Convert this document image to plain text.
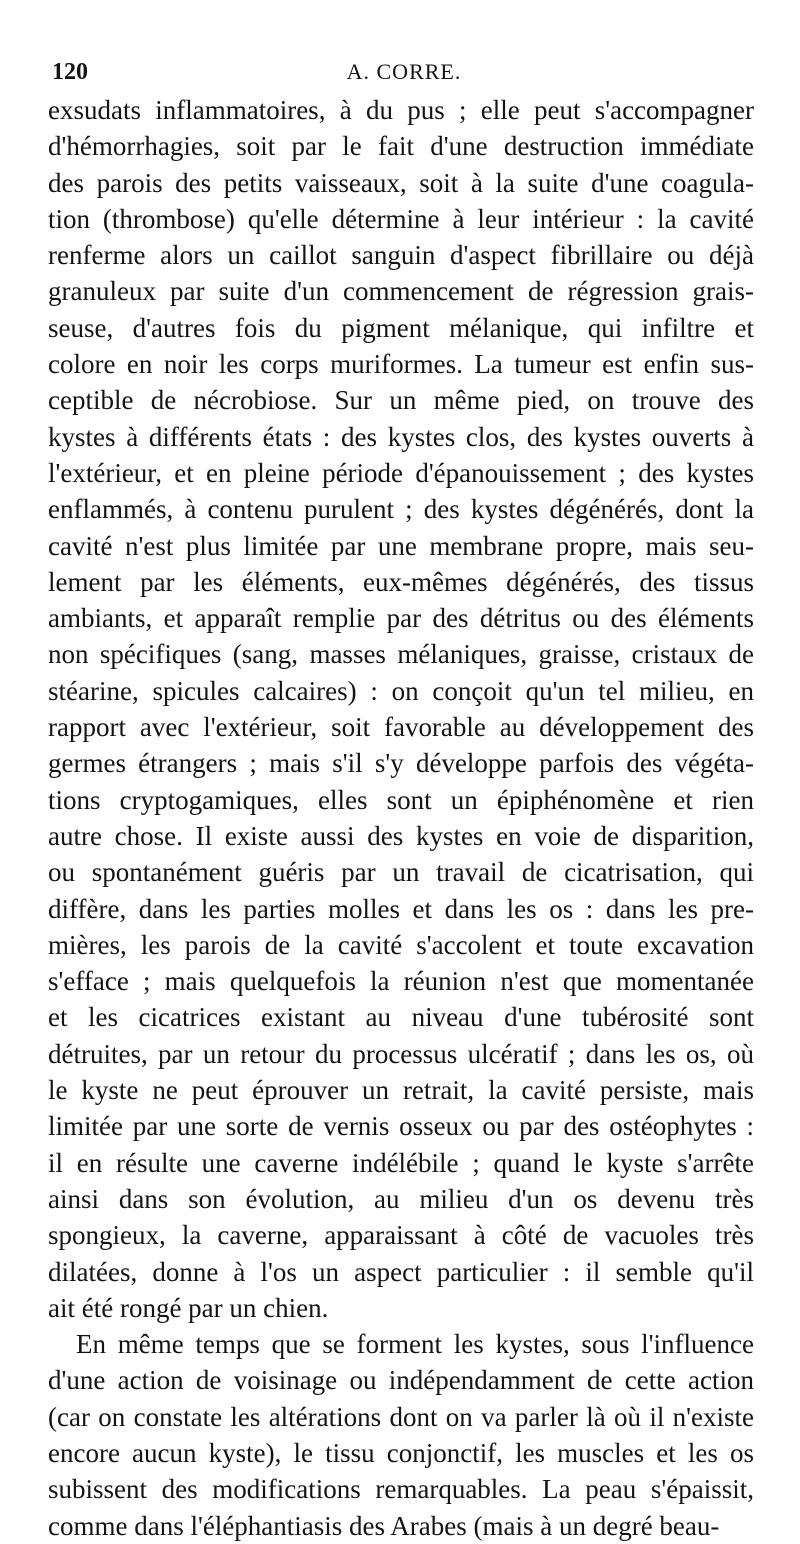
120	A. CORRE.
exsudats inflammatoires, à du pus ; elle peut s'accompagner
d'hémorrhagies, soit par le fait d'une destruction immédiate
des parois des petits vaisseaux, soit à la suite d'une coagula-
tion (thrombose) qu'elle détermine à leur intérieur : la cavité
renferme alors un caillot sanguin d'aspect fibrillaire ou déjà
granuleux par suite d'un commencement de régression grais-
seuse, d'autres fois du pigment mélanique, qui infiltre et
colore en noir les corps muriformes. La tumeur est enfin sus-
ceptible de nécrobiose. Sur un même pied, on trouve des
kystes à différents états : des kystes clos, des kystes ouverts à
l'extérieur, et en pleine période d'épanouissement ; des kystes
enflammés, à contenu purulent ; des kystes dégénérés, dont la
cavité n'est plus limitée par une membrane propre, mais seu-
lement par les éléments, eux-mêmes dégénérés, des tissus
ambiants, et apparaît remplie par des détritus ou des éléments
non spécifiques (sang, masses mélaniques, graisse, cristaux de
stéarine, spicules calcaires) : on conçoit qu'un tel milieu, en
rapport avec l'extérieur, soit favorable au développement des
germes étrangers ; mais s'il s'y développe parfois des végéta-
tions cryptogamiques, elles sont un épiphénomène et rien
autre chose. Il existe aussi des kystes en voie de disparition,
ou spontanément guéris par un travail de cicatrisation, qui
diffère, dans les parties molles et dans les os : dans les pre-
mières, les parois de la cavité s'accolent et toute excavation
s'efface ; mais quelquefois la réunion n'est que momentanée
et les cicatrices existant au niveau d'une tubérosité sont
détruites, par un retour du processus ulcératif ; dans les os, où
le kyste ne peut éprouver un retrait, la cavité persiste, mais
limitée par une sorte de vernis osseux ou par des ostéophytes :
il en résulte une caverne indélébile ; quand le kyste s'arrête
ainsi dans son évolution, au milieu d'un os devenu très
spongieux, la caverne, apparaissant à côté de vacuoles très
dilatées, donne à l'os un aspect particulier : il semble qu'il
ait été rongé par un chien.
En même temps que se forment les kystes, sous l'influence
d'une action de voisinage ou indépendamment de cette action
(car on constate les altérations dont on va parler là où il n'existe
encore aucun kyste), le tissu conjonctif, les muscles et les os
subissent des modifications remarquables. La peau s'épaissit,
comme dans l'éléphantiasis des Arabes (mais à un degré beau-
